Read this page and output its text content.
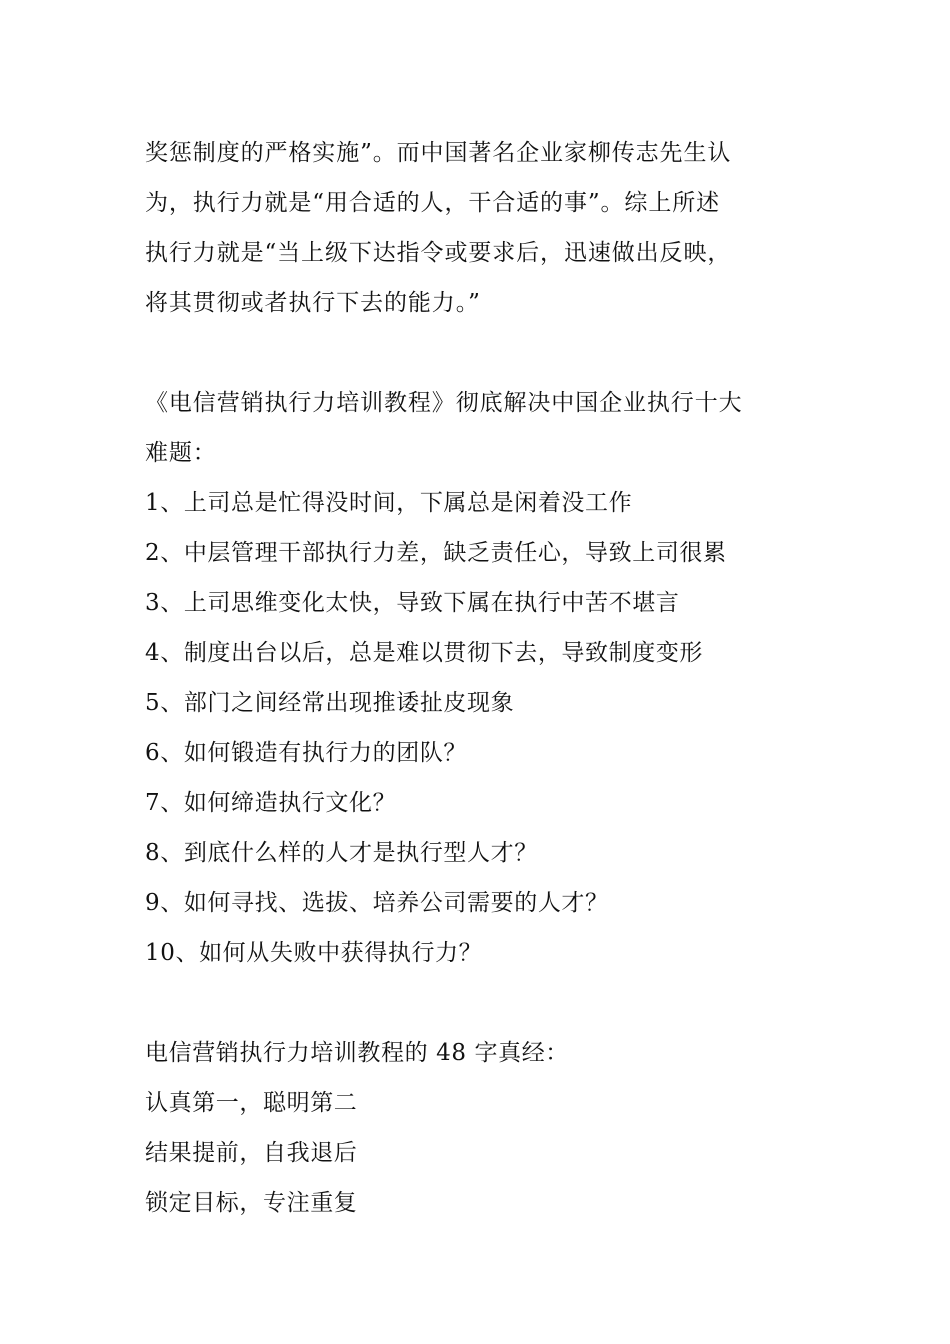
奖惩制度的严格实施”。而中国著名企业家柳传志先生认
为，执行力就是“用合适的人，干合适的事”。综上所述
执行力就是“当上级下达指令或要求后，迅速做出反映，
将其贯彻或者执行下去的能力。”
《电信营销执行力培训教程》彻底解决中国企业执行十大
难题：
1、上司总是忙得没时间，下属总是闲着没工作
2、中层管理干部执行力差，缺乏责任心，导致上司很累
3、上司思维变化太快，导致下属在执行中苦不堪言
4、制度出台以后，总是难以贯彻下去，导致制度变形
5、部门之间经常出现推诿扯皮现象
6、如何锻造有执行力的团队？
7、如何缔造执行文化？
8、到底什么样的人才是执行型人才？
9、如何寻找、选拔、培养公司需要的人才？
10、如何从失败中获得执行力？
电信营销执行力培训教程的 48 字真经：
认真第一，聪明第二
结果提前，自我退后
锁定目标，专注重复
